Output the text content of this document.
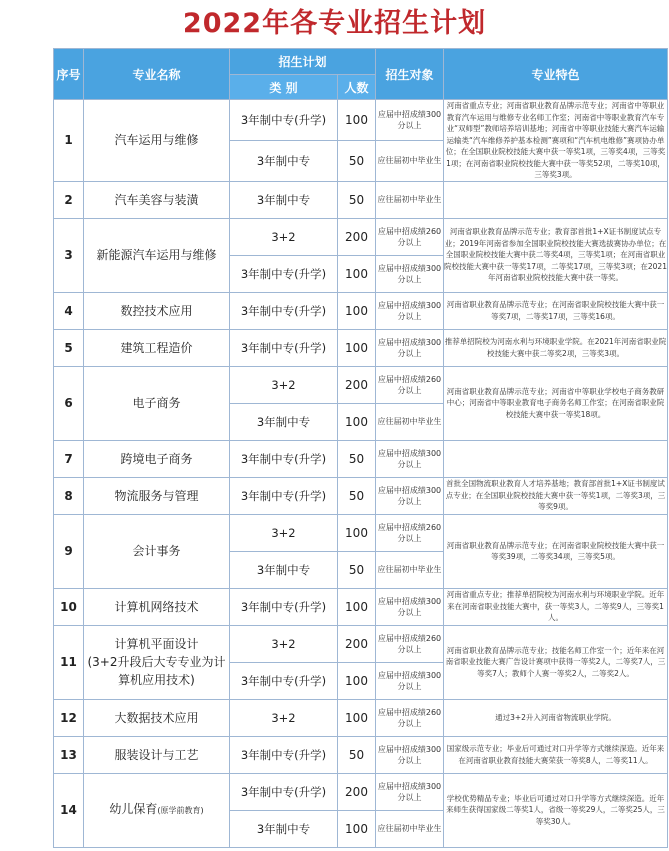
2022年各专业招生计划
序号	专业名称	招生计划		招生对象	专业特色
		类 别	人数		
1	汽车运用与维修	3年制中专(升学)	100	应届中招成绩300分以上	河南省重点专业；河南省职业教育品牌示范专业；河南省中等职业教育汽车运用与维修专业名师工作室；河南省中等职业教育汽车专业“双师型”教师培养培训基地；河南省中等职业技能大赛汽车运输运输类“汽车维修养护基本检测”赛项和“汽车机电维修”赛项协办单位；在全国职业院校技能大赛中获一等奖1项，三等奖4项，三等奖1项；在河南省职业院校技能大赛中获一等奖52项，二等奖10项，三等奖3项。
		3年制中专	50	应往届初中毕业生	
2	汽车美容与装潢	3年制中专	50	应往届初中毕业生	
3	新能源汽车运用与维修	3+2	200	应届中招成绩260分以上	河南省职业教育品牌示范专业；教育部首批1+X证书制度试点专业；2019年河南省参加全国职业院校技能大赛选拔赛协办单位；在全国职业院校技能大赛中获二等奖4项，三等奖1项；在河南省职业院校技能大赛中获一等奖17项，二等奖17项，三等奖3项；在2021年河南省职业院校技能大赛中获一等奖。
		3年制中专(升学)	100	应届中招成绩300分以上	
4	数控技术应用	3年制中专(升学)	100	应届中招成绩300分以上	河南省职业教育品牌示范专业；在河南省职业院校技能大赛中获一等奖7项，二等奖17项，三等奖16项。
5	建筑工程造价	3年制中专(升学)	100	应届中招成绩300分以上	推荐单招院校为河南水利与环境职业学院。在2021年河南省职业院校技能大赛中获二等奖2项，三等奖3项。
6	电子商务	3+2	200	应届中招成绩260分以上	河南省职业教育品牌示范专业；河南省中等职业学校电子商务教研中心；河南省中等职业教育电子商务名师工作室；在河南省职业院校技能大赛中获一等奖18项。
		3年制中专	100	应往届初中毕业生	
7	跨境电子商务	3年制中专(升学)	50	应届中招成绩300分以上	
8	物流服务与管理	3年制中专(升学)	50	应届中招成绩300分以上	首批全国物流职业教育人才培养基地；教育部首批1+X证书制度试点专业；在全国职业院校技能大赛中获一等奖1项，二等奖3项，三等奖9项。
9	会计事务	3+2	100	应届中招成绩260分以上	河南省职业教育品牌示范专业；在河南省职业院校技能大赛中获一等奖39项，二等奖34项，三等奖5项。
		3年制中专	50	应往届初中毕业生	
10	计算机网络技术	3年制中专(升学)	100	应届中招成绩300分以上	河南省重点专业；推荐单招院校为河南水利与环境职业学院。近年来在河南省职业技能大赛中，获一等奖3人，二等奖9人，三等奖1人。
11	计算机平面设计
(3+2升段后大专专业为计算机应用技术)	3+2	200	应届中招成绩260分以上	河南省职业教育品牌示范专业；技能名师工作室一个；近年来在河南省职业技能大赛广告设计赛项中获得一等奖2人，二等奖7人，三等奖7人；教师个人赛一等奖2人，二等奖2人。
		3年制中专(升学)	100	应届中招成绩300分以上	
12	大数据技术应用	3+2	100	应届中招成绩260分以上	通过3+2升入河南省物流职业学院。
13	服装设计与工艺	3年制中专(升学)	50	应届中招成绩300分以上	国家级示范专业；毕业后可通过对口升学等方式继续深造。近年来在河南省职业教育技能大赛荣获一等奖8人，二等奖11人。
14	幼儿保育(原学前教育)	3年制中专(升学)	200	应届中招成绩300分以上	学校优势精品专业；毕业后可通过对口升学等方式继续深造。近年来师生获得国家级二等奖1人，省级一等奖29人，二等奖25人，三等奖30人。
		3年制中专	100	应往届初中毕业生	
